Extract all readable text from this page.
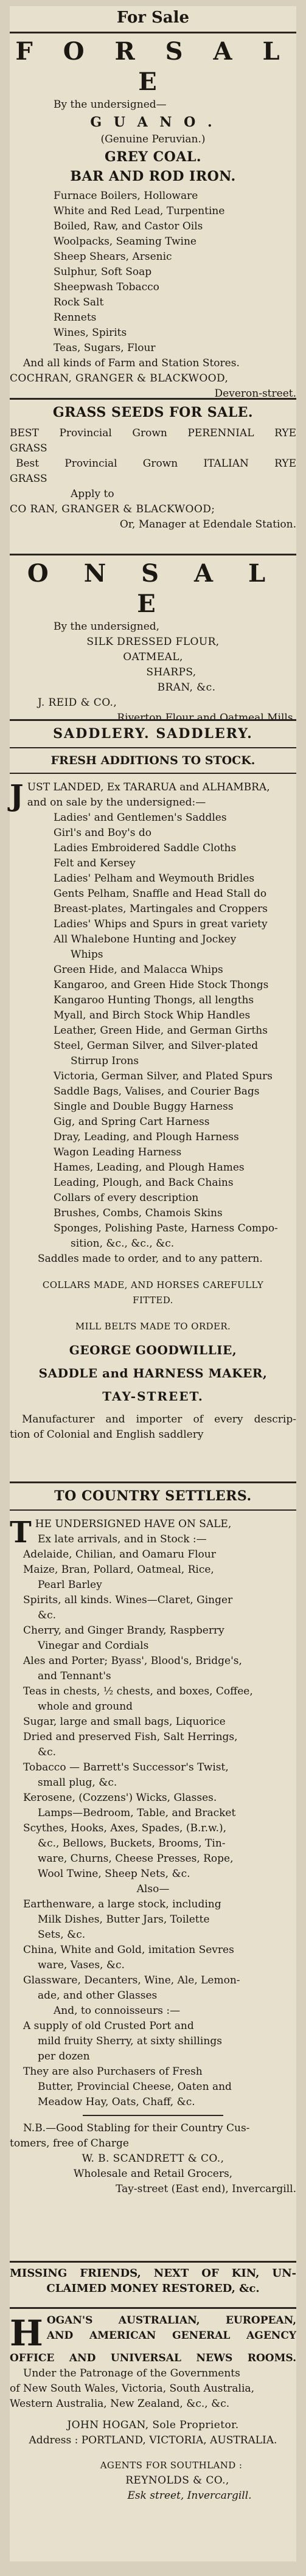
For Sale
F O R S A L E
By the undersigned—
G U A N O .
(Genuine Peruvian.)
GREY COAL.
BAR AND ROD IRON.
Furnace Boilers, Holloware
White and Red Lead, Turpentine
Boiled, Raw, and Castor Oils
Woolpacks, Seaming Twine
Sheep Shears, Arsenic
Sulphur, Soft Soap
Sheepwash Tobacco
Rock Salt
Rennets
Wines, Spirits
Teas, Sugars, Flour
And all kinds of Farm and Station Stores.
COCHRAN, GRANGER & BLACKWOOD,
Deveron-street.
GRASS SEEDS FOR SALE.
BEST Provincial Grown PERENNIAL RYE
GRASS
Best Provincial Grown ITALIAN RYE
GRASS
Apply to
CO RAN, GRANGER & BLACKWOOD;
Or, Manager at Edendale Station.
O N S A L E
By the undersigned,
SILK DRESSED FLOUR,
OATMEAL,
SHARPS,
BRAN, &c.
J. REID & CO.,
Riverton Flour and Oatmeal Mills.
SADDLERY. SADDLERY.
FRESH ADDITIONS TO STOCK.
J UST LANDED, Ex TARARUA and ALHAMBRA,
and on sale by the undersigned:—
Ladies' and Gentlemen's Saddles
Girl's and Boy's do
Ladies Embroidered Saddle Cloths
Felt and Kersey
Ladies' Pelham and Weymouth Bridles
Gents Pelham, Snaffle and Head Stall do
Breast-plates, Martingales and Croppers
Ladies' Whips and Spurs in great variety
All Whalebone Hunting and Jockey
Whips
Green Hide, and Malacca Whips
Kangaroo, and Green Hide Stock Thongs
Kangaroo Hunting Thongs, all lengths
Myall, and Birch Stock Whip Handles
Leather, Green Hide, and German Girths
Steel, German Silver, and Silver-plated
Stirrup Irons
Victoria, German Silver, and Plated Spurs
Saddle Bags, Valises, and Courier Bags
Single and Double Buggy Harness
Gig, and Spring Cart Harness
Dray, Leading, and Plough Harness
Wagon Leading Harness
Hames, Leading, and Plough Hames
Leading, Plough, and Back Chains
Collars of every description
Brushes, Combs, Chamois Skins
Sponges, Polishing Paste, Harness Compo-
sition, &c., &c., &c.
Saddles made to order, and to any pattern.
COLLARS MADE, AND HORSES CAREFULLY
FITTED.
MILL BELTS MADE TO ORDER.
GEORGE GOODWILLIE,
SADDLE and HARNESS MAKER,
TAY-STREET.
Manufacturer and importer of every descrip-
tion of Colonial and English saddlery
TO COUNTRY SETTLERS.
T HE UNDERSIGNED HAVE ON SALE,
Ex late arrivals, and in Stock :—
Adelaide, Chilian, and Oamaru Flour
Maize, Bran, Pollard, Oatmeal, Rice,
Pearl Barley
Spirits, all kinds. Wines—Claret, Ginger
&c.
Cherry, and Ginger Brandy, Raspberry
Vinegar and Cordials
Ales and Porter; Byass', Blood's, Bridge's,
and Tennant's
Teas in chests, ½ chests, and boxes, Coffee,
whole and ground
Sugar, large and small bags, Liquorice
Dried and preserved Fish, Salt Herrings,
&c.
Tobacco — Barrett's Successor's Twist,
small plug, &c.
Kerosene, (Cozzens') Wicks, Glasses.
Lamps—Bedroom, Table, and Bracket
Scythes, Hooks, Axes, Spades, (B.r.w.),
&c., Bellows, Buckets, Brooms, Tin-
ware, Churns, Cheese Presses, Rope,
Wool Twine, Sheep Nets, &c.
Also—
Earthenware, a large stock, including
Milk Dishes, Butter Jars, Toilette
Sets, &c.
China, White and Gold, imitation Sevres
ware, Vases, &c.
Glassware, Decanters, Wine, Ale, Lemon-
ade, and other Glasses
And, to connoisseurs :—
A supply of old Crusted Port and
mild fruity Sherry, at sixty shillings
per dozen
They are also Purchasers of Fresh
Butter, Provincial Cheese, Oaten and
Meadow Hay, Oats, Chaff, &c.
N.B.—Good Stabling for their Country Cus-
tomers, free of Charge
W. B. SCANDRETT & CO.,
Wholesale and Retail Grocers,
Tay-street (East end), Invercargill.
MISSING FRIENDS, NEXT OF KIN, UN-
CLAIMED MONEY RESTORED, &c.
H OGAN'S AUSTRALIAN, EUROPEAN,
AND AMERICAN GENERAL AGENCY
OFFICE AND UNIVERSAL NEWS ROOMS.
Under the Patronage of the Governments
of New South Wales, Victoria, South Australia,
Western Australia, New Zealand, &c., &c.
JOHN HOGAN, Sole Proprietor.
Address : PORTLAND, VICTORIA, AUSTRALIA.
AGENTS FOR SOUTHLAND :
REYNOLDS & CO.,
Esk street, Invercargill.
